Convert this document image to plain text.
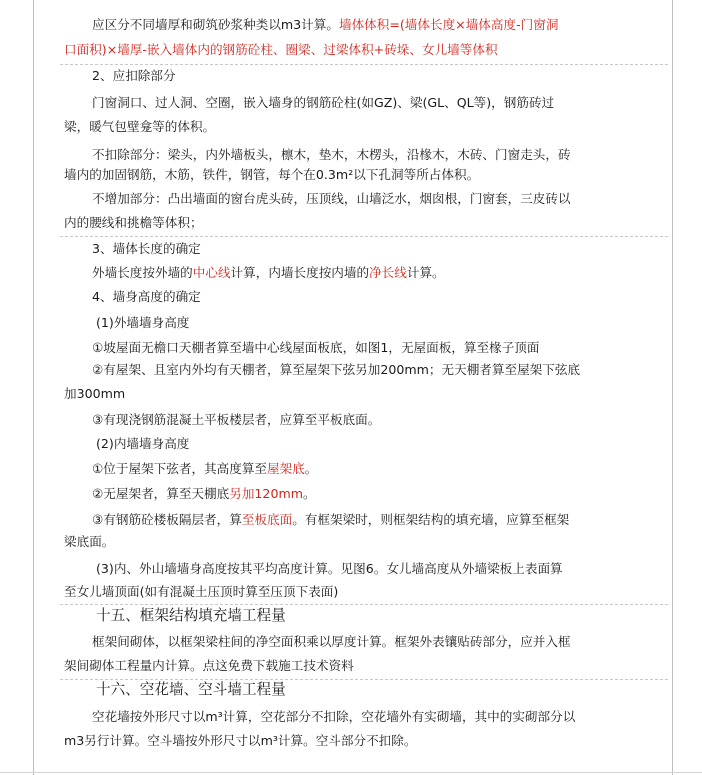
应区分不同墙厚和砌筑砂浆种类以m3计算。墙体体积=(墙体长度×墙体高度-门窗洞
口面积)×墙厚-嵌入墙体内的钢筋砼柱、圈梁、过梁体积+砖垛、女儿墙等体积
2、应扣除部分
门窗洞口、过人洞、空圈，嵌入墙身的钢筋砼柱(如GZ)、梁(GL、QL等)，钢筋砖过
梁，暖气包壁龛等的体积。
不扣除部分：梁头，内外墙板头，檩木，垫木，木楞头，沿椽木，木砖、门窗走头，砖
墙内的加固钢筋，木筋，铁件，钢管，每个在0.3m²以下孔洞等所占体积。
不增加部分：凸出墙面的窗台虎头砖，压顶线，山墙泛水，烟囱根，门窗套，三皮砖以
内的腰线和挑檐等体积；
3、墙体长度的确定
外墙长度按外墙的中心线计算，内墙长度按内墙的净长线计算。
4、墙身高度的确定
(1)外墙墙身高度
①坡屋面无檐口天棚者算至墙中心线屋面板底，如图1，无屋面板，算至椽子顶面
②有屋架、且室内外均有天棚者，算至屋架下弦另加200mm；无天棚者算至屋架下弦底
加300mm
③有现浇钢筋混凝土平板楼层者，应算至平板底面。
(2)内墙墙身高度
①位于屋架下弦者，其高度算至屋架底。
②无屋架者，算至天棚底另加120mm。
③有钢筋砼楼板隔层者，算至板底面。有框架梁时，则框架结构的填充墙，应算至框架
梁底面。
(3)内、外山墙墙身高度按其平均高度计算。见图6。女儿墙高度从外墙梁板上表面算
至女儿墙顶面(如有混凝土压顶时算至压顶下表面)
十五、框架结构填充墙工程量
框架间砌体，以框架梁柱间的净空面积乘以厚度计算。框架外表镶贴砖部分，应并入框
架间砌体工程量内计算。点这免费下载施工技术资料
十六、空花墙、空斗墙工程量
空花墙按外形尺寸以m³计算，空花部分不扣除，空花墙外有实砌墙，其中的实砌部分以
m3另行计算。空斗墙按外形尺寸以m³计算。空斗部分不扣除。
